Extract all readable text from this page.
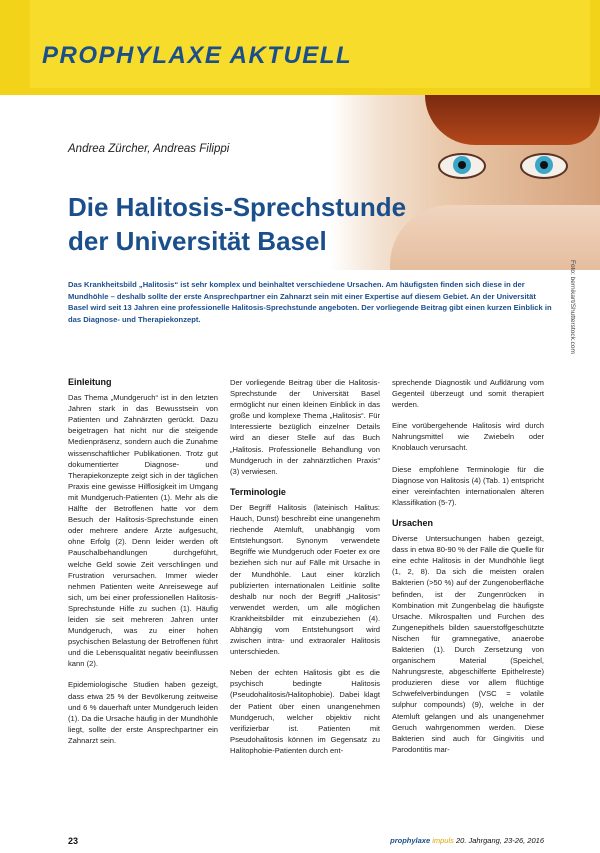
PROPHYLAXE AKTUELL
Andrea Zürcher, Andreas Filippi
Die Halitosis-Sprechstunde
der Universität Basel
Foto: bernikart/Shutterstock.com
Das Krankheitsbild „Halitosis“ ist sehr komplex und beinhaltet verschiedene Ursachen. Am häufigsten finden sich diese in der Mundhöhle – deshalb sollte der erste Ansprechpartner ein Zahnarzt sein mit einer Expertise auf diesem Gebiet. An der Universität Basel wird seit 13 Jahren eine professionelle Halitosis-Sprechstunde angeboten. Der vorliegende Beitrag gibt einen kurzen Einblick in das Diagnose- und Therapiekonzept.
Einleitung

Das Thema „Mundgeruch“ ist in den letzten Jahren stark in das Bewusstsein von Patienten und Zahnärzten gerückt. Dazu beigetragen hat nicht nur die steigende Medienpräsenz, sondern auch die Zunahme wissenschaftlicher Publikationen. Trotz gut dokumentierter Diagnose- und Therapiekonzepte zeigt sich in der täglichen Praxis eine gewisse Hilflosigkeit im Umgang mit Mundgeruch-Patienten (1). Mehr als die Hälfte der Betroffenen hatte vor dem Besuch der Halitosis-Sprechstunde einen oder mehrere andere Ärzte aufgesucht, ohne Erfolg (2). Denn leider werden oft Pauschalbehandlungen durchgeführt, welche Geld sowie Zeit verschlingen und Frustration verursachen. Immer wieder nehmen Patienten weite Anreisewege auf sich, um bei einer professionellen Halitosis-Sprechstunde Hilfe zu suchen (1). Häufig leiden sie seit mehreren Jahren unter Mundgeruch, was zu einer hohen psychischen Belastung der Betroffenen führt und die Lebensqualität negativ beeinflussen kann (2).

Epidemiologische Studien haben gezeigt, dass etwa 25 % der Bevölkerung zeitweise und 6 % dauerhaft unter Mundgeruch leiden (1). Da die Ursache häufig in der Mundhöhle liegt, sollte der erste Ansprechpartner ein Zahnarzt sein.

Der vorliegende Beitrag über die Halitosis-Sprechstunde der Universität Basel ermöglicht nur einen kleinen Einblick in das große und komplexe Thema „Halitosis“. Für Interessierte bezüglich einzelner Details wird an dieser Stelle auf das Buch „Halitosis. Professionelle Behandlung von Mundgeruch in der zahnärztlichen Praxis“ (3) verwiesen.

Terminologie

Der Begriff Halitosis (lateinisch Halitus: Hauch, Dunst) beschreibt eine unangenehm riechende Atemluft, unabhängig vom Entstehungsort. Synonym verwendete Begriffe wie Mundgeruch oder Foeter ex ore beziehen sich nur auf Fälle mit Ursache in der Mundhöhle. Laut einer kürzlich publizierten internationalen Leitlinie sollte deshalb nur noch der Begriff „Halitosis“ verwendet werden, um alle möglichen Krankheitsbilder mit einzubeziehen (4). Abhängig vom Entstehungsort wird zwischen intra- und extraoraler Halitosis unterschieden.

Neben der echten Halitosis gibt es die psychisch bedingte Halitosis (Pseudohalitosis/Halitophobie). Dabei klagt der Patient über einen unangenehmen Mundgeruch, welcher objektiv nicht verifizierbar ist. Patienten mit Pseudohalitosis können im Gegensatz zu Halitophobie-Patienten durch ent-

sprechende Diagnostik und Aufklärung vom Gegenteil überzeugt und somit therapiert werden.

Eine vorübergehende Halitosis wird durch Nahrungsmittel wie Zwiebeln oder Knoblauch verursacht.

Diese empfohlene Terminologie für die Diagnose von Halitosis (4) (Tab. 1) entspricht einer vereinfachten internationalen älteren Klassifikation (5-7).

Ursachen

Diverse Untersuchungen haben gezeigt, dass in etwa 80-90 % der Fälle die Quelle für eine echte Halitosis in der Mundhöhle liegt (1, 2, 8). Da sich die meisten oralen Bakterien (>50 %) auf der Zungenoberfläche befinden, ist der Zungenrücken in Kombination mit Zungenbelag die häufigste Ursache. Mikrospalten und Furchen des Zungenepithels bilden sauerstoffgeschützte Nischen für gramnegative, anaerobe Bakterien (1). Durch Zersetzung von organischem Material (Speichel, Nahrungsreste, abgeschilferte Epithelreste) produzieren diese vor allem flüchtige Schwefelverbindungen (VSC = volatile sulphur compounds) (9), welche in der Atemluft gelangen und als unangenehmer Geruch wahrgenommen werden. Diese Bakterien sind auch für Gingivitis und Parodontitis mar-

23	prophylaxe impuls 20. Jahrgang, 23-26, 2016
